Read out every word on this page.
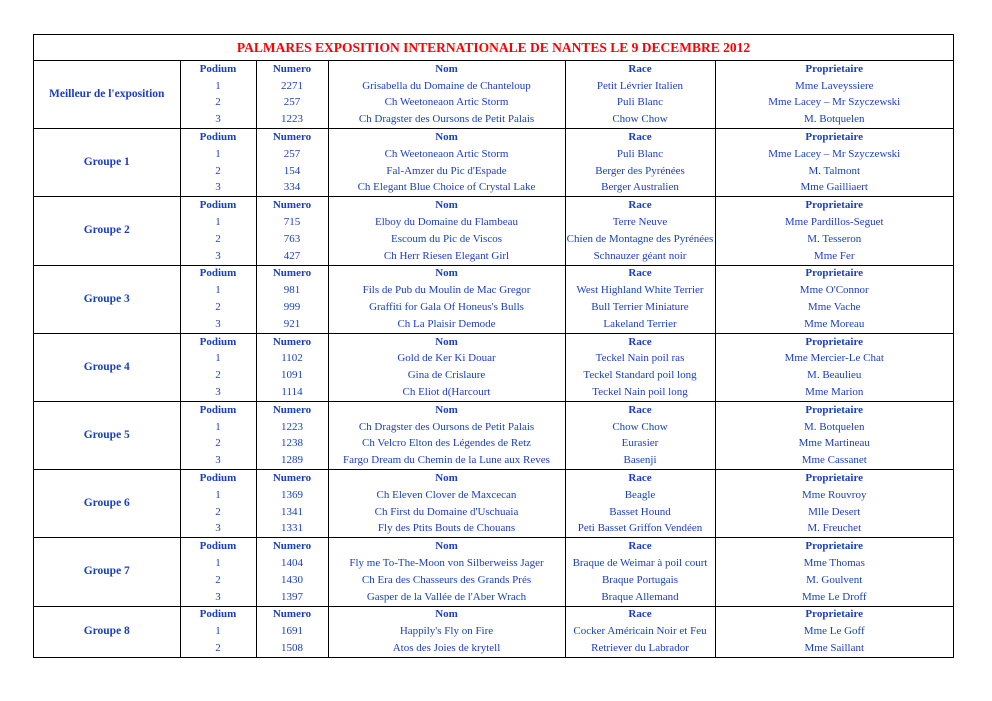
PALMARES EXPOSITION INTERNATIONALE DE NANTES LE 9 DECEMBRE 2012
Meilleur de l'exposition	Podium	Numero	Nom	Race	Proprietaire
	1	2271	Grisabella du Domaine de Chanteloup	Petit Lévrier Italien	Mme Laveyssiere
	2	257	Ch Weetoneaon Artic Storm	Puli Blanc	Mme Lacey – Mr Szyczewski
	3	1223	Ch Dragster des Oursons de Petit Palais	Chow Chow	M. Botquelen
Groupe 1	Podium	Numero	Nom	Race	Proprietaire
	1	257	Ch Weetoneaon Artic Storm	Puli Blanc	Mme Lacey – Mr Szyczewski
	2	154	Fal-Amzer du Pic d'Espade	Berger des Pyrénées	M. Talmont
	3	334	Ch Elegant Blue Choice of Crystal Lake	Berger Australien	Mme Gailliaert
Groupe 2	Podium	Numero	Nom	Race	Proprietaire
	1	715	Elboy du Domaine du Flambeau	Terre Neuve	Mme Pardillos-Seguet
	2	763	Escoum du Pic de Viscos	Chien de Montagne des Pyrénées	M. Tesseron
	3	427	Ch Herr Riesen Elegant Girl	Schnauzer géant noir	Mme Fer
Groupe 3	Podium	Numero	Nom	Race	Proprietaire
	1	981	Fils de Pub du Moulin de Mac Gregor	West Highland White Terrier	Mme O'Connor
	2	999	Graffiti for Gala Of Honeus's Bulls	Bull Terrier Miniature	Mme Vache
	3	921	Ch La Plaisir Demode	Lakeland Terrier	Mme Moreau
Groupe 4	Podium	Numero	Nom	Race	Proprietaire
	1	1102	Gold de Ker Ki Douar	Teckel Nain poil ras	Mme Mercier-Le Chat
	2	1091	Gina de Crislaure	Teckel Standard poil long	M. Beaulieu
	3	1114	Ch Eliot d(Harcourt	Teckel Nain poil long	Mme Marion
Groupe 5	Podium	Numero	Nom	Race	Proprietaire
	1	1223	Ch Dragster des Oursons de Petit Palais	Chow Chow	M. Botquelen
	2	1238	Ch Velcro Elton des Légendes de Retz	Eurasier	Mme Martineau
	3	1289	Fargo Dream du Chemin de la Lune aux Reves	Basenji	Mme Cassanet
Groupe 6	Podium	Numero	Nom	Race	Proprietaire
	1	1369	Ch Eleven Clover de Maxcecan	Beagle	Mme Rouvroy
	2	1341	Ch First du Domaine d'Uschuaia	Basset Hound	Mlle Desert
	3	1331	Fly des Ptits Bouts de Chouans	Peti Basset Griffon Vendéen	M. Freuchet
Groupe 7	Podium	Numero	Nom	Race	Proprietaire
	1	1404	Fly me To-The-Moon von Silberweiss Jager	Braque de Weimar à poil court	Mme Thomas
	2	1430	Ch Era des Chasseurs des Grands Prés	Braque Portugais	M. Goulvent
	3	1397	Gasper de la Vallée de l'Aber Wrach	Braque Allemand	Mme Le Droff
Groupe 8	Podium	Numero	Nom	Race	Proprietaire
	1	1691	Happily's Fly on Fire	Cocker Américain Noir et Feu	Mme Le Goff
	2	1508	Atos des Joies de krytell	Retriever du Labrador	Mme Saillant
